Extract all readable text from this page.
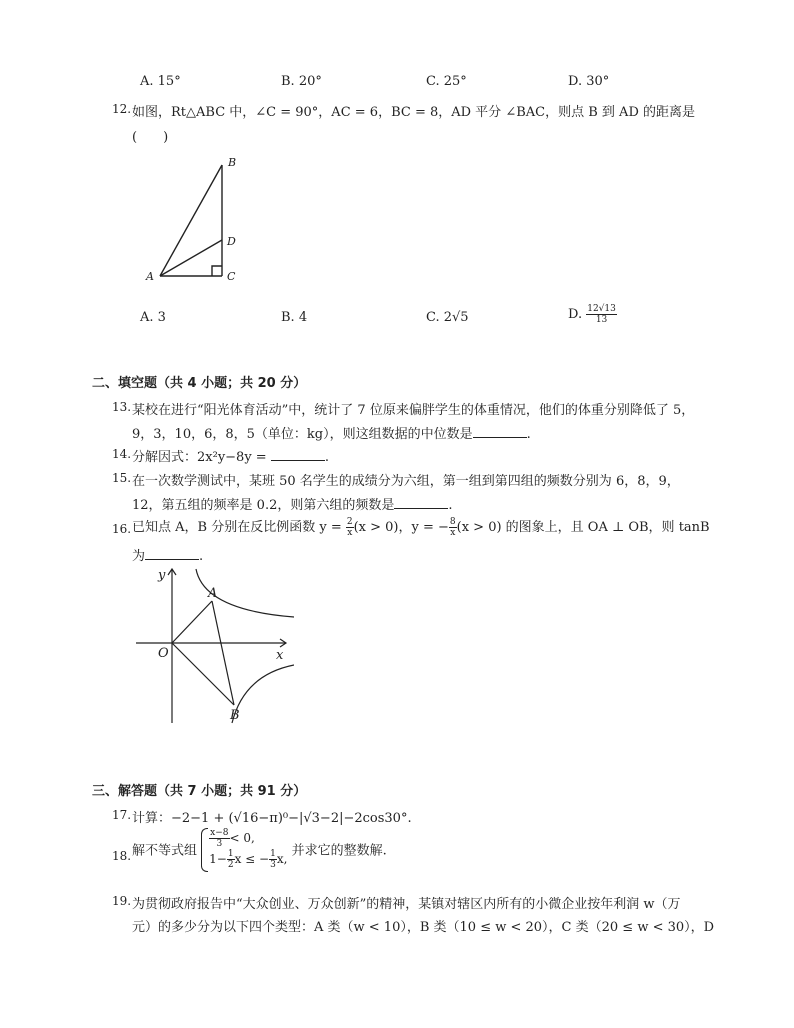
A. 15°	B. 20°	C. 25°	D. 30°
12. 如图，Rt△ABC 中，∠C = 90°，AC = 6，BC = 8，AD 平分 ∠BAC，则点 B 到 AD 的距离是
(　　)
B
D
A	C
A. 3	B. 4	C. 2√5	D. $\frac{12√13}{13}$
二、填空题（共 4 小题；共 20 分）
13. 某校在进行“阳光体育活动”中，统计了 7 位原来偏胖学生的体重情况，他们的体重分别降低了 5，
9，3，10，6，8，5（单位：kg），则这组数据的中位数是	.
14. 分解因式：2x²y−8y =	.
15. 在一次数学测试中，某班 50 名学生的成绩分为六组，第一组到第四组的频数分别为 6，8，9，
12，第五组的频率是 0.2，则第六组的频数是	.
16. 已知点 A，B 分别在反比例函数 $y = \frac{2}{x} (x > 0)$，y = − $\frac{8}{x} (x > 0)$ 的图象上，且 OA ⊥ OB，则 tanB
为	.
y
x
O
A
B
三、解答题（共 7 小题；共 91 分）
17. 计算：−2−1 + (√16−π)⁰−|√3−2|−2cos30°.
18. 解不等式组
$\frac{x-8}{3} < 0$,
$1- \frac{1}{2}$ x ≤ − $\frac{1}{3} x$,
并求它的整数解.
19. 为贯彻政府报告中“大众创业、万众创新”的精神，某镇对辖区内所有的小微企业按年利润 w（万
元）的多少分为以下四个类型：A 类（w < 10），B 类（10 ≤ w < 20），C 类（20 ≤ w < 30），D
